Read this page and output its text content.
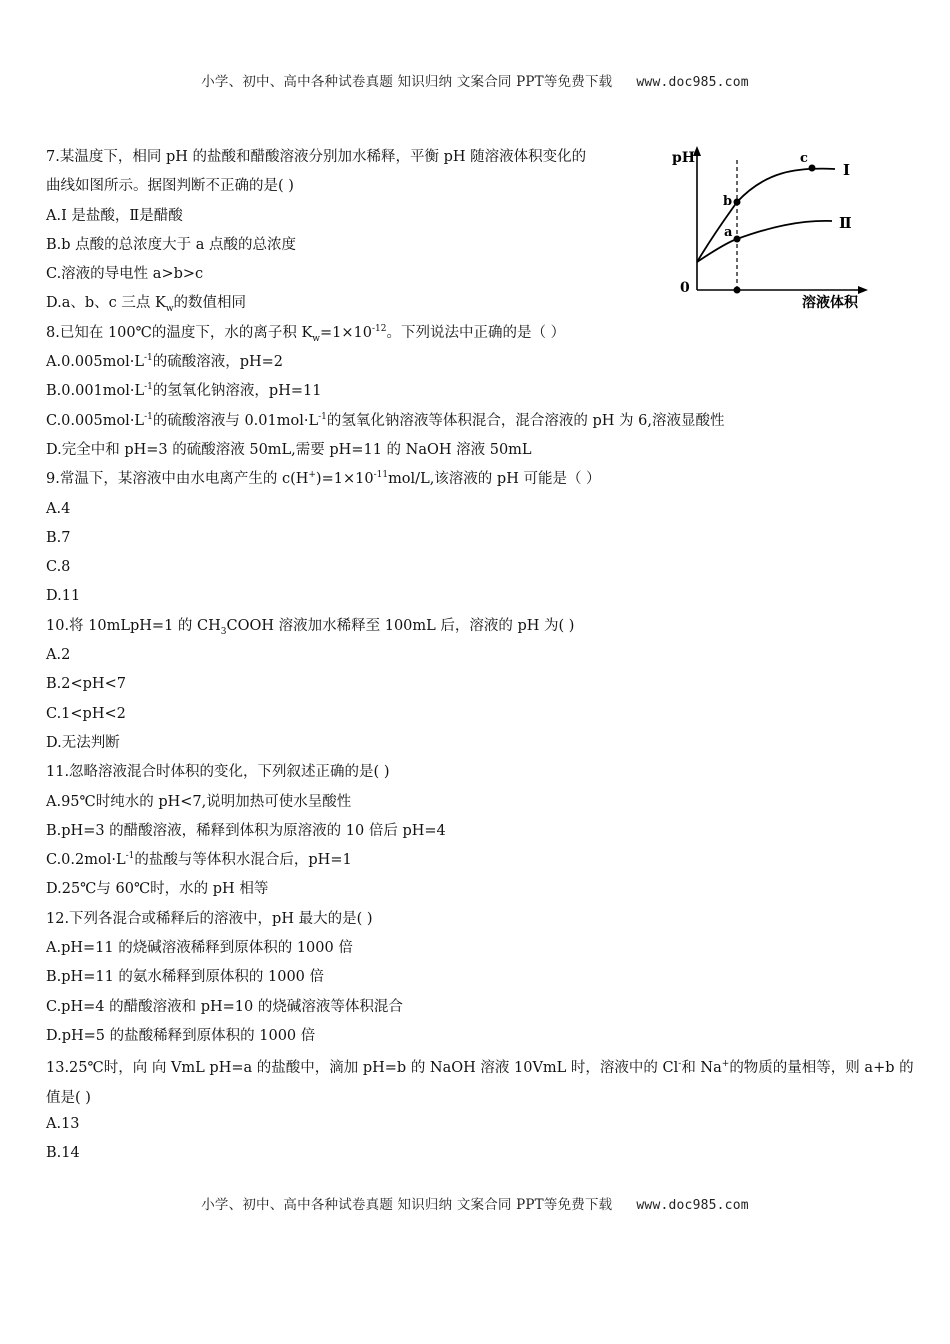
小学、初中、高中各种试卷真题 知识归纳 文案合同 PPT等免费下载 www.doc985.com
pH
0
溶液体积
I
Ⅱ
b
a
c
7.某温度下，相同 pH 的盐酸和醋酸溶液分别加水稀释，平衡 pH 随溶液体积变化的
曲线如图所示。据图判断不正确的是( )
A.I 是盐酸，Ⅱ是醋酸
B.b 点酸的总浓度大于 a 点酸的总浓度
C.溶液的导电性 a>b>c
D.a、b、c 三点 $K_w$的数值相同
8.已知在 100℃的温度下，水的离子积 $K_w=1\times 10^{-12}$。下列说法中正确的是（ ）
$A.0.005mol\cdot L^{-1}$的硫酸溶液，pH=2
$B.0.001mol\cdot L^{-1}$的氢氧化钠溶液，pH=11
$C.0.005mol\cdot L^{-1}$的硫酸溶液与 $0.01mol\cdot L^{-1}$的氢氧化钠溶液等体积混合，混合溶液的 pH 为 6,溶液显酸性
D.完全中和 pH=3 的硫酸溶液 50mL,需要 pH=11 的 NaOH 溶液 50mL
9.常温下，某溶液中由水电离产生的 $c(H^+)=1\times 10^{-11}mol/L$,该溶液的 pH 可能是（ ）
A.4
B.7
C.8
D.11
10.将 10mLpH=1 的 $CH_3COOH$ 溶液加水稀释至 100mL 后，溶液的 pH 为( )
A.2
B.2<pH<7
C.1<pH<2
D.无法判断
11.忽略溶液混合时体积的变化，下列叙述正确的是( )
A.95℃时纯水的 pH<7,说明加热可使水呈酸性
B.pH=3 的醋酸溶液，稀释到体积为原溶液的 10 倍后 pH=4
$C.0.2mol\cdot L^{-1}$的盐酸与等体积水混合后，pH=1
D.25℃与 60℃时，水的 pH 相等
12.下列各混合或稀释后的溶液中，pH 最大的是( )
A.pH=11 的烧碱溶液稀释到原体积的 1000 倍
B.pH=11 的氨水稀释到原体积的 1000 倍
C.pH=4 的醋酸溶液和 pH=10 的烧碱溶液等体积混合
D.pH=5 的盐酸稀释到原体积的 1000 倍
13.25℃时，向 向 VmL pH=a 的盐酸中，滴加 pH=b 的 NaOH 溶液 10VmL 时，溶液中的 Cl-和 Na+的物质的量相等，则 a+b 的值是( )
A.13
B.14
小学、初中、高中各种试卷真题 知识归纳 文案合同 PPT等免费下载 www.doc985.com
